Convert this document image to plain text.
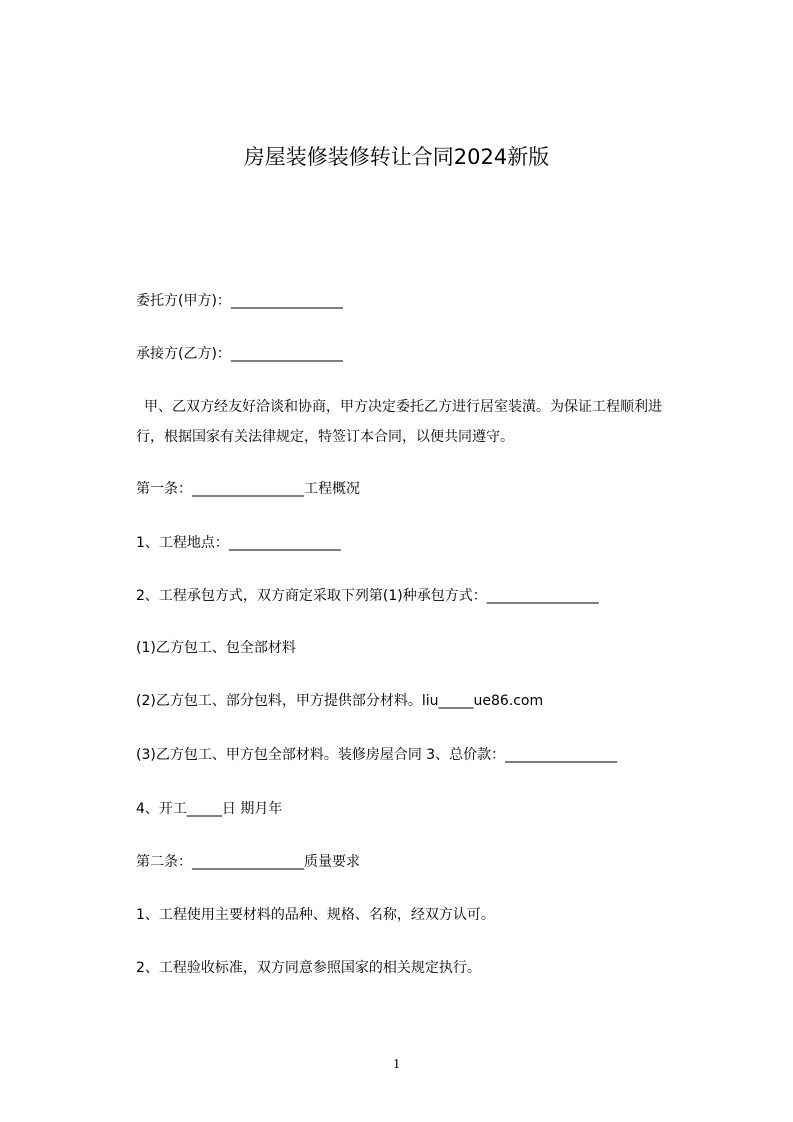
房屋装修装修转让合同2024新版
委托方(甲方)：________________
承接方(乙方)：________________
甲、乙双方经友好洽谈和协商，甲方决定委托乙方进行居室装潢。为保证工程顺利进行，根据国家有关法律规定，特签订本合同，以便共同遵守。
第一条：________________工程概况
1、工程地点：________________
2、工程承包方式，双方商定采取下列第(1)种承包方式：________________
(1)乙方包工、包全部材料
(2)乙方包工、部分包料，甲方提供部分材料。liu_____ue86.com
(3)乙方包工、甲方包全部材料。装修房屋合同 3、总价款：________________
4、开工_____日 期月年
第二条：________________质量要求
1、工程使用主要材料的品种、规格、名称，经双方认可。
2、工程验收标准，双方同意参照国家的相关规定执行。
1
